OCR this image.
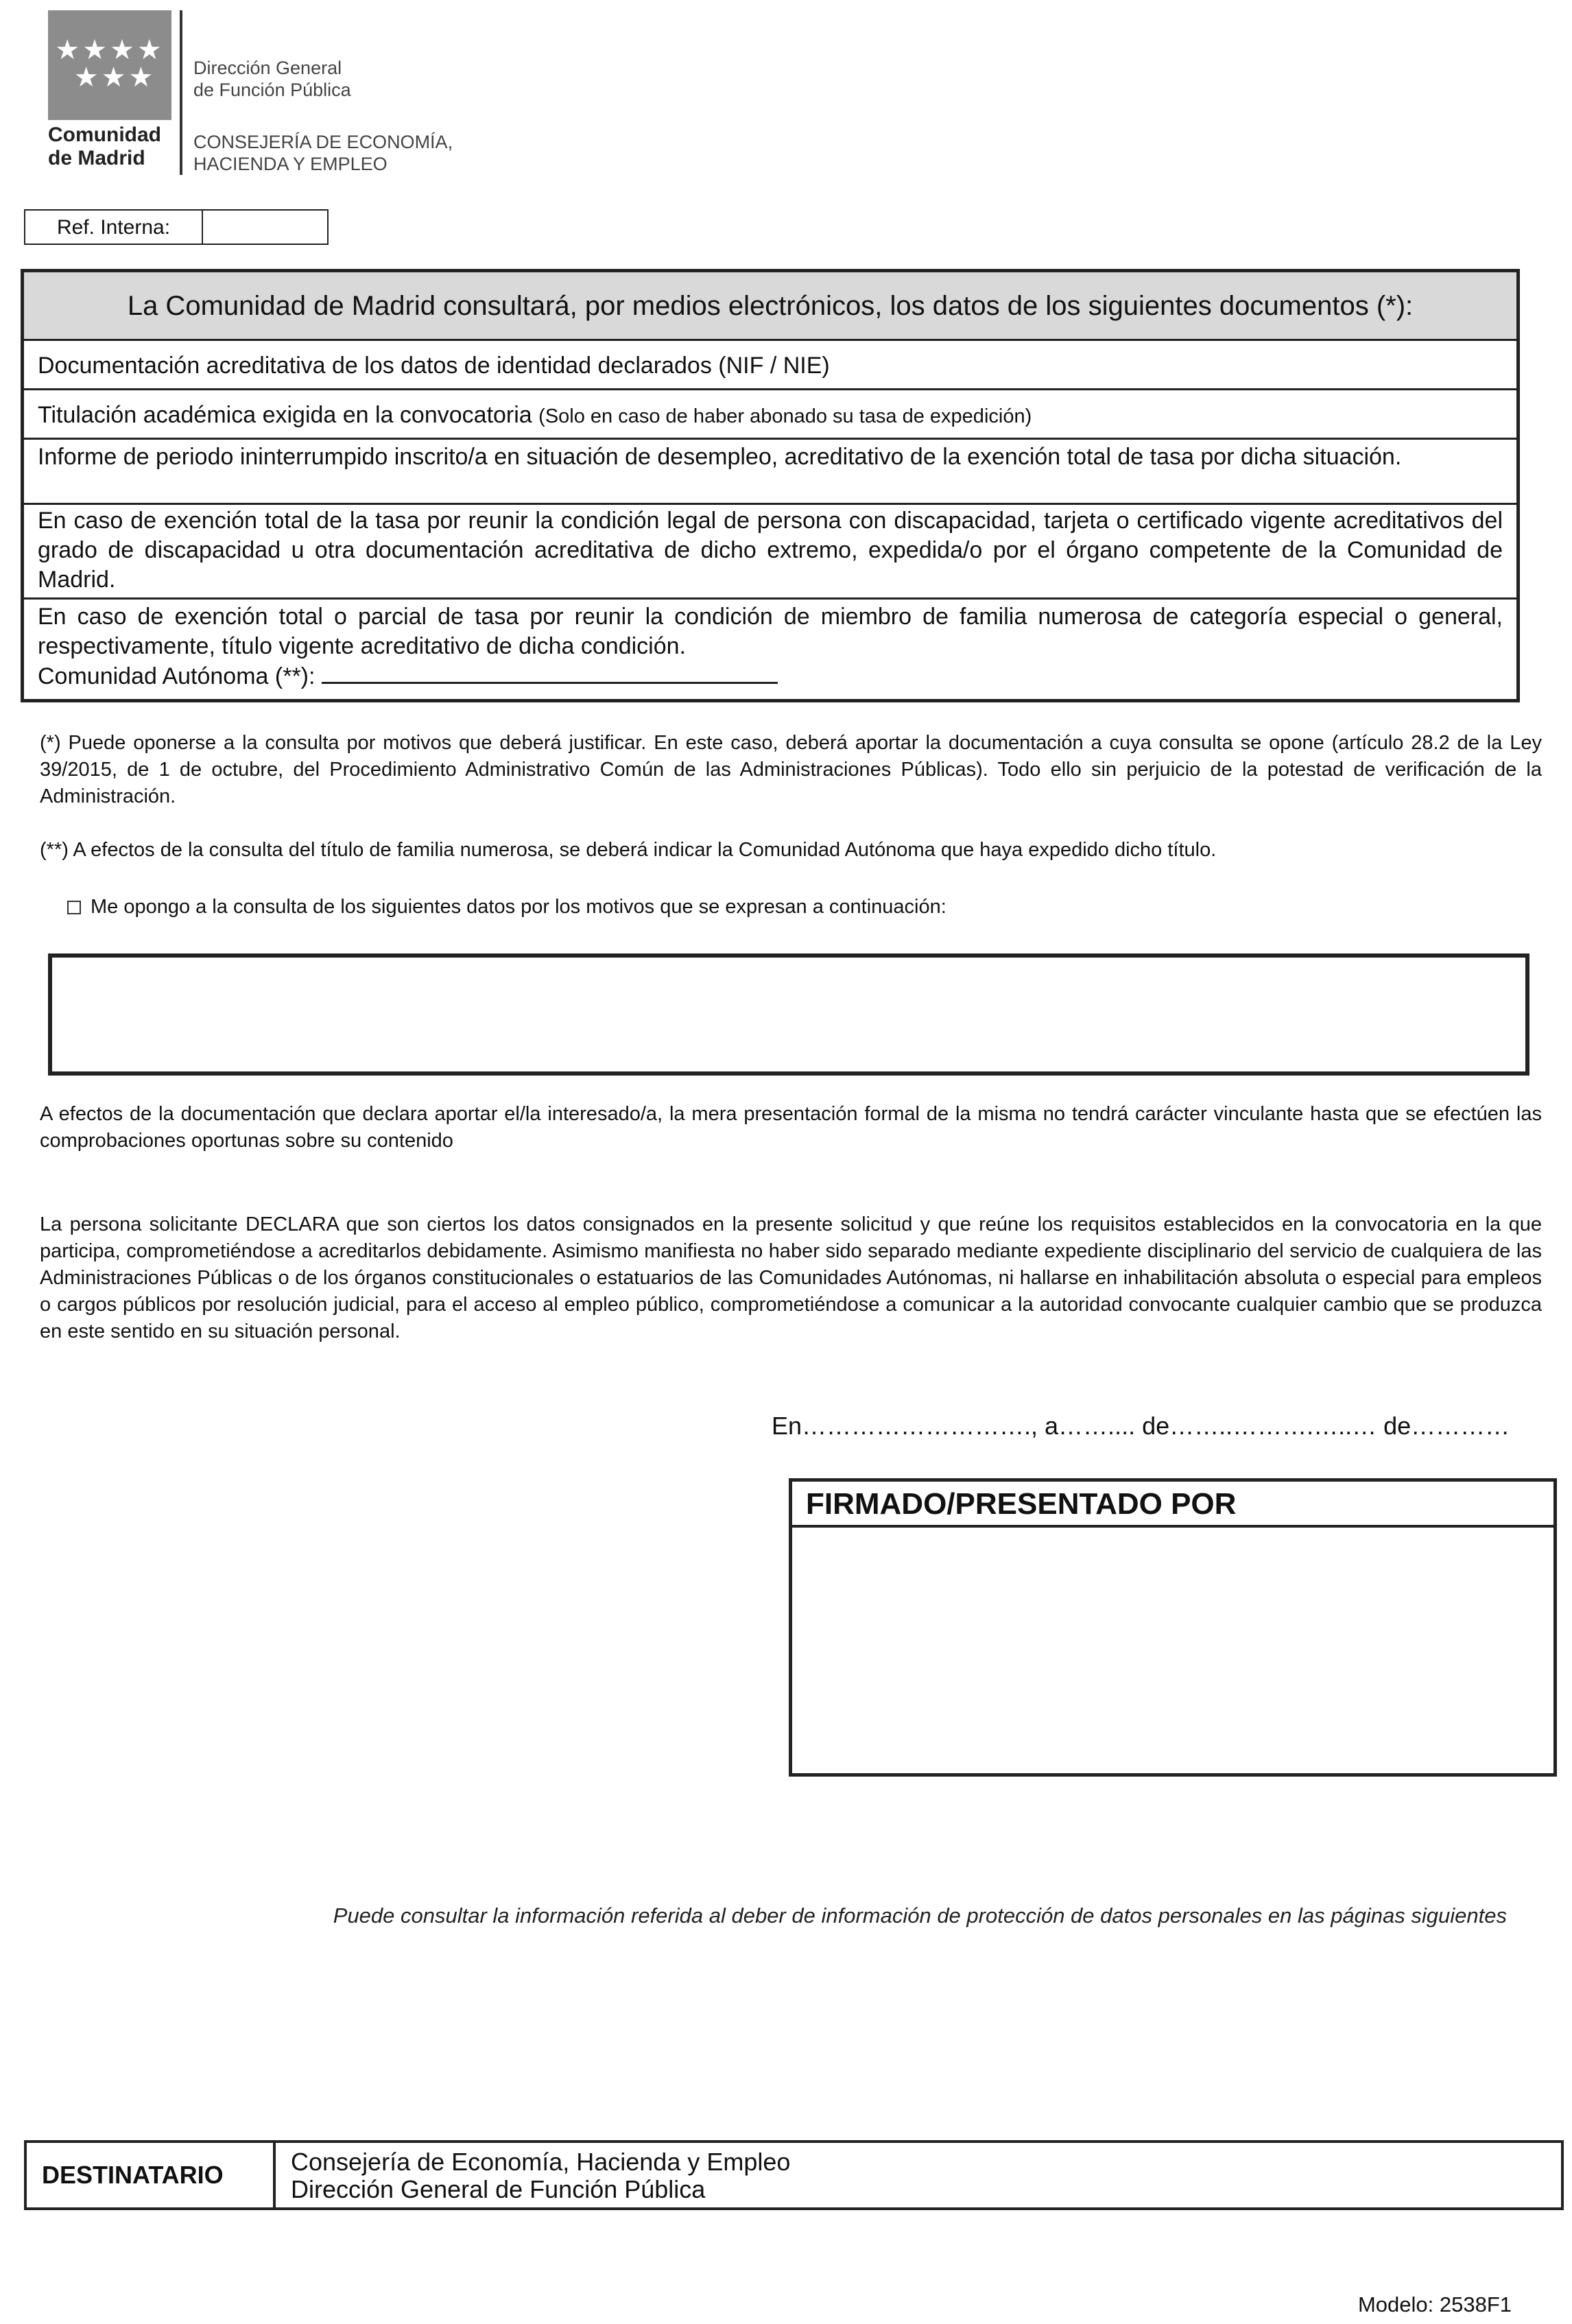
★★★★
★★★
Comunidad
de Madrid
Dirección General
de Función Pública
CONSEJERÍA DE ECONOMÍA,
HACIENDA Y EMPLEO
Ref. Interna:
La Comunidad de Madrid consultará, por medios electrónicos, los datos de los siguientes documentos (*):
Documentación acreditativa de los datos de identidad declarados (NIF / NIE)
Titulación académica exigida en la convocatoria (Solo en caso de haber abonado su tasa de expedición)
Informe de periodo ininterrumpido inscrito/a en situación de desempleo, acreditativo de la exención total de tasa por dicha situación.
En caso de exención total de la tasa por reunir la condición legal de persona con discapacidad, tarjeta o certificado vigente acreditativos del grado de discapacidad u otra documentación acreditativa de dicho extremo, expedida/o por el órgano competente de la Comunidad de Madrid.
En caso de exención total o parcial de tasa por reunir la condición de miembro de familia numerosa de categoría especial o general, respectivamente, título vigente acreditativo de dicha condición.
Comunidad Autónoma (**):
(*) Puede oponerse a la consulta por motivos que deberá justificar. En este caso, deberá aportar la documentación a cuya consulta se opone (artículo 28.2 de la Ley 39/2015, de 1 de octubre, del Procedimiento Administrativo Común de las Administraciones Públicas). Todo ello sin perjuicio de la potestad de verificación de la Administración.
(**) A efectos de la consulta del título de familia numerosa, se deberá indicar la Comunidad Autónoma que haya expedido dicho título.
Me opongo a la consulta de los siguientes datos por los motivos que se expresan a continuación:
A efectos de la documentación que declara aportar el/la interesado/a, la mera presentación formal de la misma no tendrá carácter vinculante hasta que se efectúen las comprobaciones oportunas sobre su contenido
La persona solicitante DECLARA que son ciertos los datos consignados en la presente solicitud y que reúne los requisitos establecidos en la convocatoria en la que participa, comprometiéndose a acreditarlos debidamente. Asimismo manifiesta no haber sido separado mediante expediente disciplinario del servicio de cualquiera de las Administraciones Públicas o de los órganos constitucionales o estatuarios de las Comunidades Autónomas, ni hallarse en inhabilitación absoluta o especial para empleos o cargos públicos por resolución judicial, para el acceso al empleo público, comprometiéndose a comunicar a la autoridad convocante cualquier cambio que se produzca en este sentido en su situación personal.
En………………………., a…….... de……..……….…..… de…………
FIRMADO/PRESENTADO POR
Puede consultar la información referida al deber de información de protección de datos personales en las páginas siguientes
DESTINATARIO	Consejería de Economía, Hacienda y Empleo
Dirección General de Función Pública
Modelo: 2538F1
